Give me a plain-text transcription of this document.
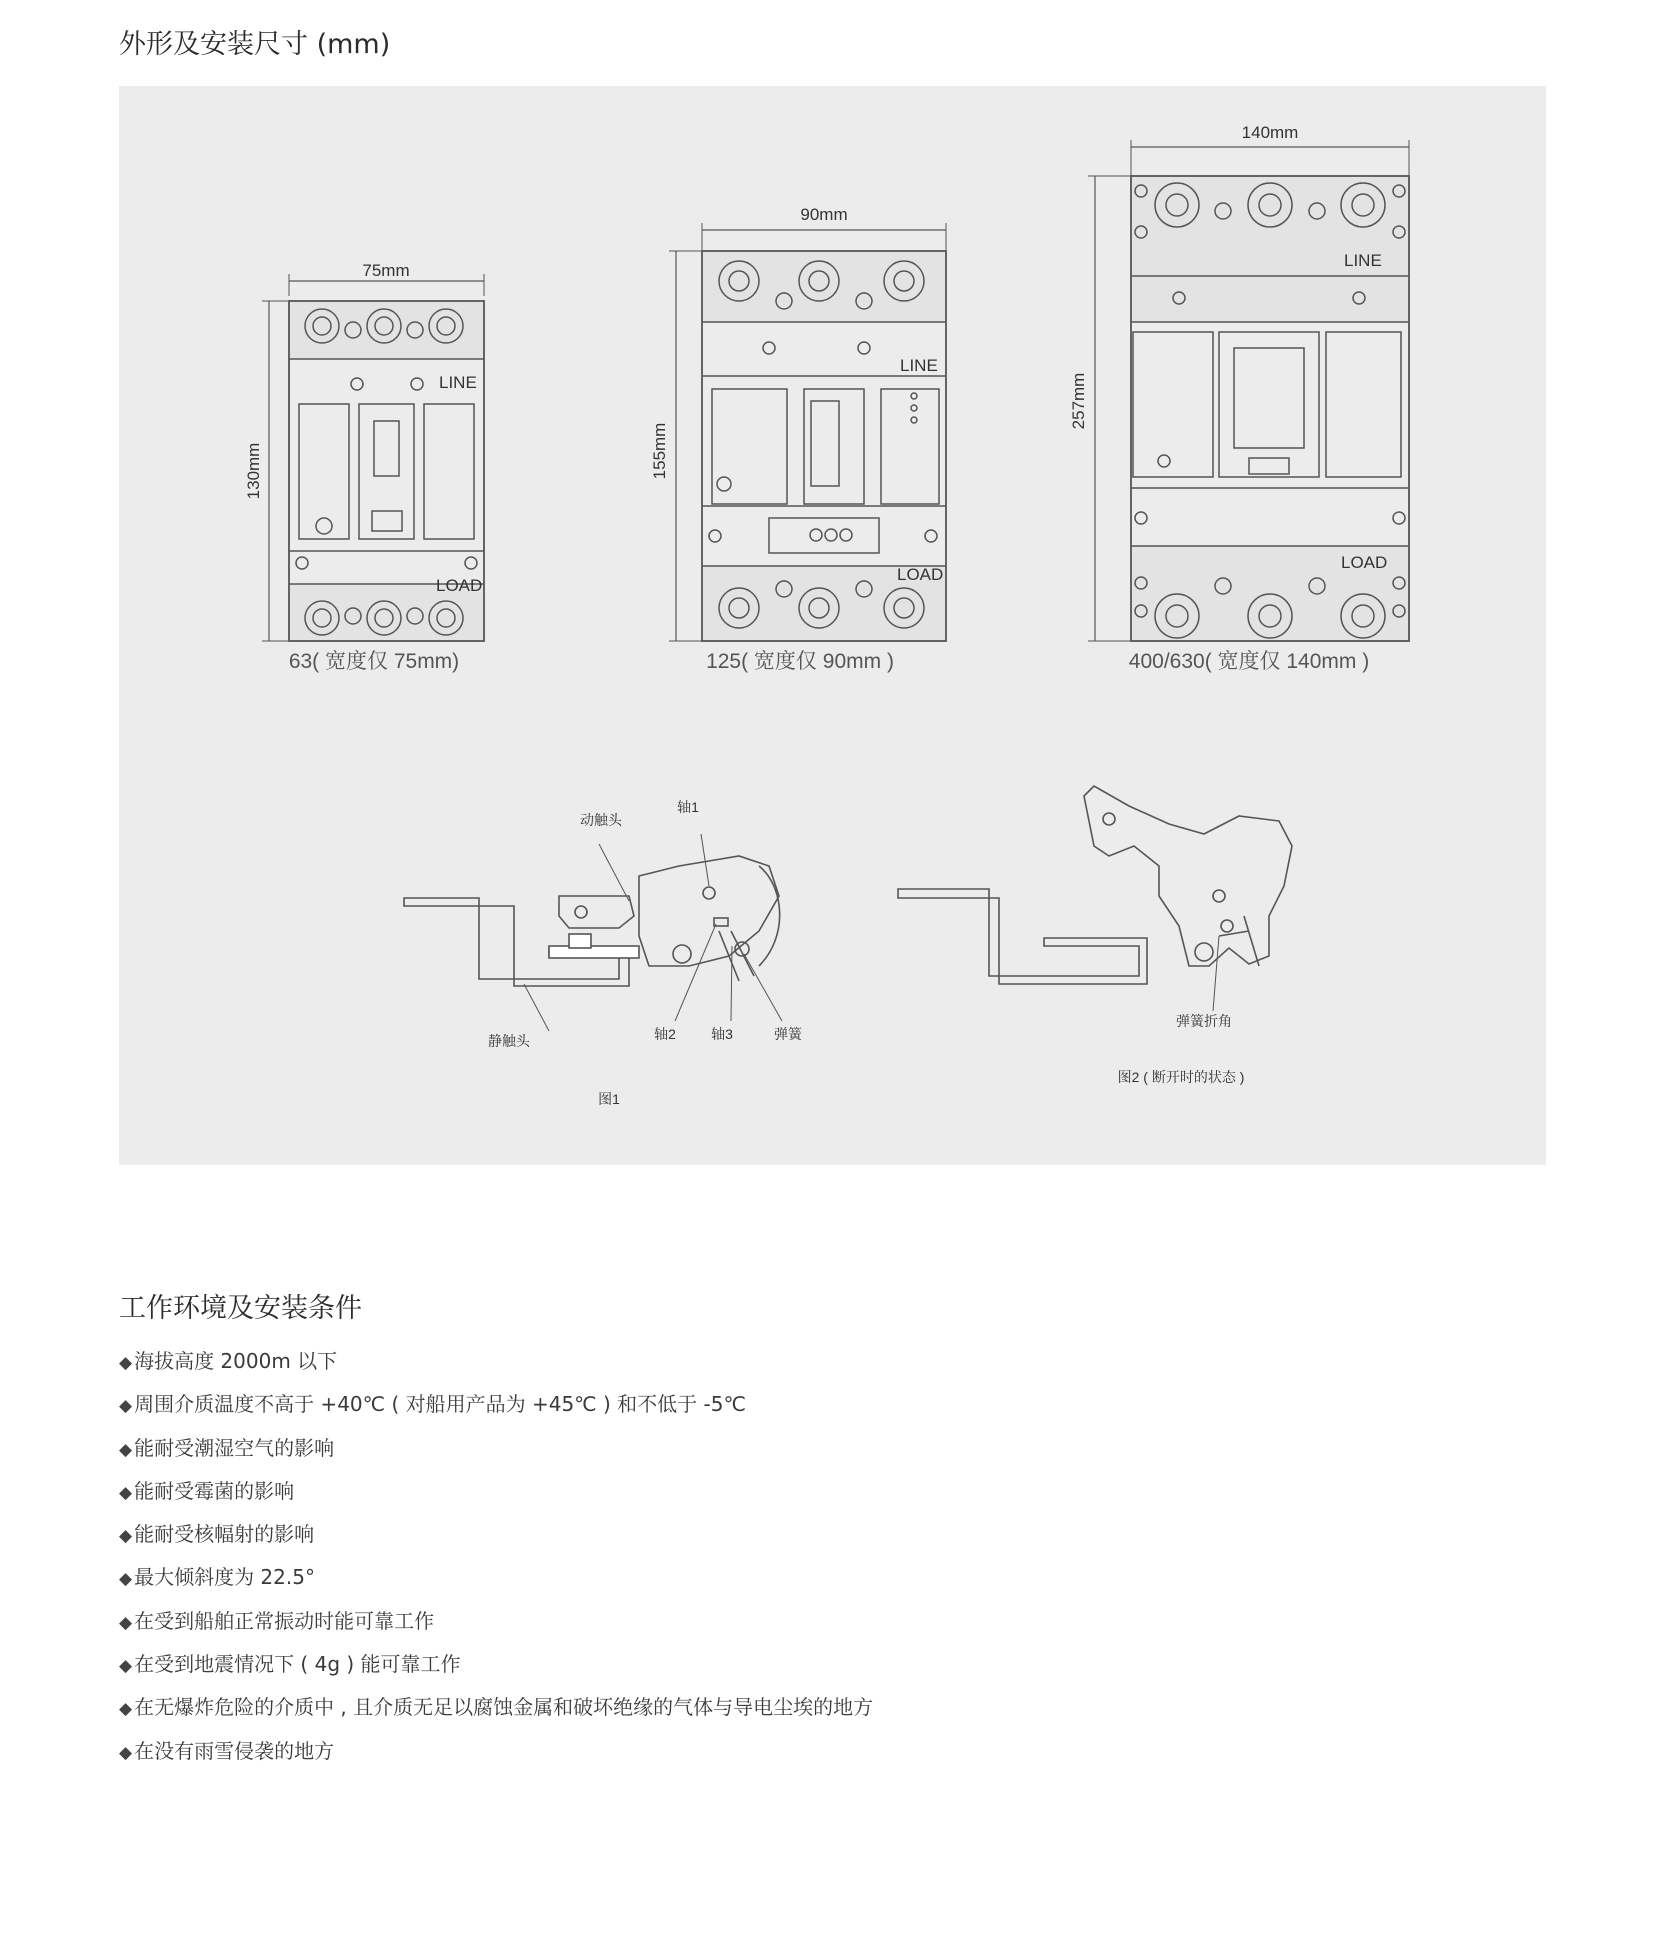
外形及安装尺寸 (mm)
75mm
130mm
LINE
LOAD
63( 宽度仅 75mm)
90mm
155mm
LINE
LOAD
125( 宽度仅 90mm )
140mm
257mm
LINE
LOAD
400/630( 宽度仅 140mm )
动触头
轴1
静触头	轴2	轴3	弹簧
图1
弹簧折角
图2 ( 断开时的状态 )
工作环境及安装条件
◆ 海拔高度 2000m 以下
◆ 周围介质温度不高于 +40℃ ( 对船用产品为 +45℃ ) 和不低于 -5℃
◆ 能耐受潮湿空气的影响
◆ 能耐受霉菌的影响
◆ 能耐受核幅射的影响
◆ 最大倾斜度为 22.5°
◆ 在受到船舶正常振动时能可靠工作
◆ 在受到地震情况下 ( 4g ) 能可靠工作
◆ 在无爆炸危险的介质中 , 且介质无足以腐蚀金属和破坏绝缘的气体与导电尘埃的地方
◆ 在没有雨雪侵袭的地方
